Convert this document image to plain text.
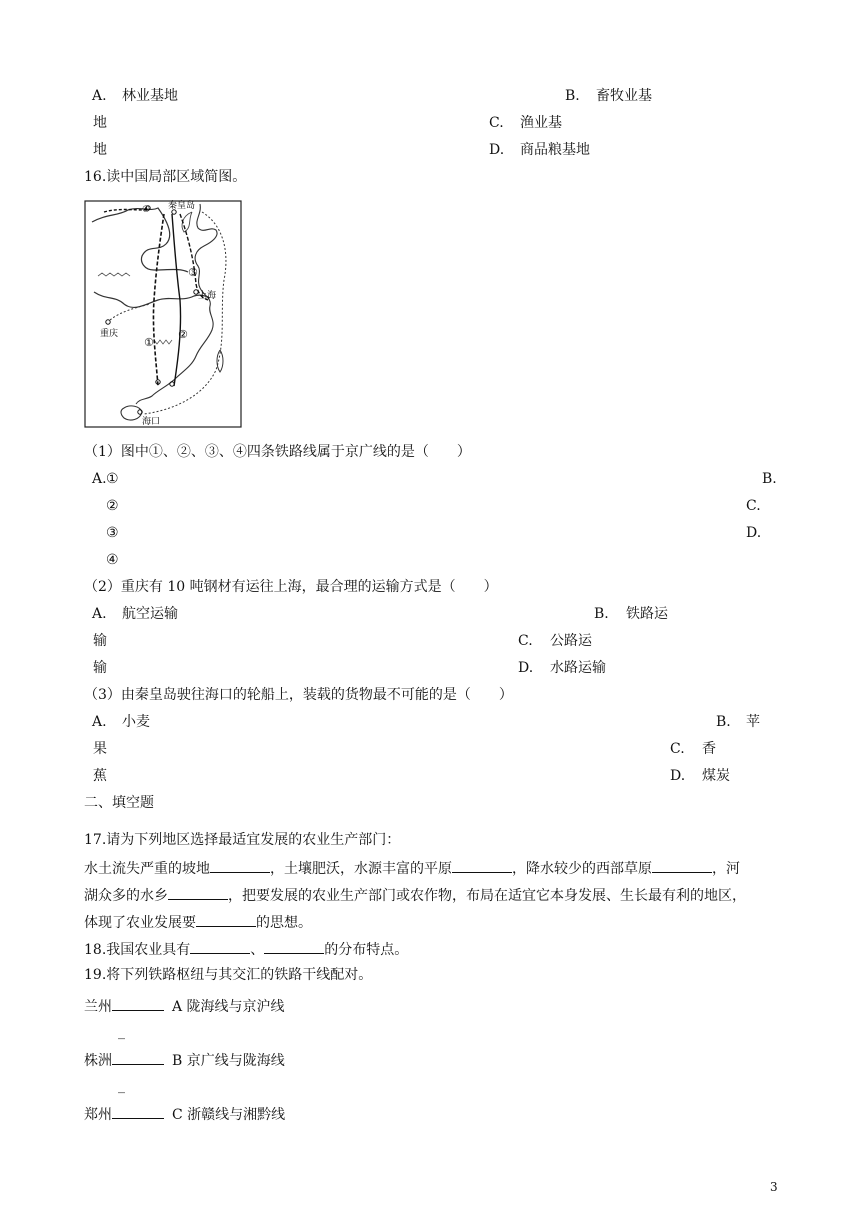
A. 林业基地	B. 畜牧业基
地	C. 渔业基
地	D. 商品粮基地
16.读中国局部区域简图。
秦皇岛
上海
重庆
海口
①
②
③
④
（1）图中①、②、③、④四条铁路线属于京广线的是（　　）
A. ①	B.
②	C.
③	D.
④
（2）重庆有 10 吨钢材有运往上海，最合理的运输方式是（　　）
A. 航空运输	B. 铁路运
输	C. 公路运
输	D. 水路运输
（3）由秦皇岛驶往海口的轮船上，装载的货物最不可能的是（　　）
A. 小麦	B. 苹
果	C. 香
蕉	D. 煤炭
二、填空题
17.请为下列地区选择最适宜发展的农业生产部门：
水土流失严重的坡地	，土壤肥沃，水源丰富的平原	，降水较少的西部草原	，河
湖众多的水乡	，把要发展的农业生产部门或农作物，布局在适宜它本身发展、生长最有利的地区，
体现了农业发展要	的思想。
18.我国农业具有	、	的分布特点。
19.将下列铁路枢纽与其交汇的铁路干线配对。
兰州	A 陇海线与京沪线
_
株洲	B 京广线与陇海线
_
郑州	C 浙赣线与湘黔线
3
